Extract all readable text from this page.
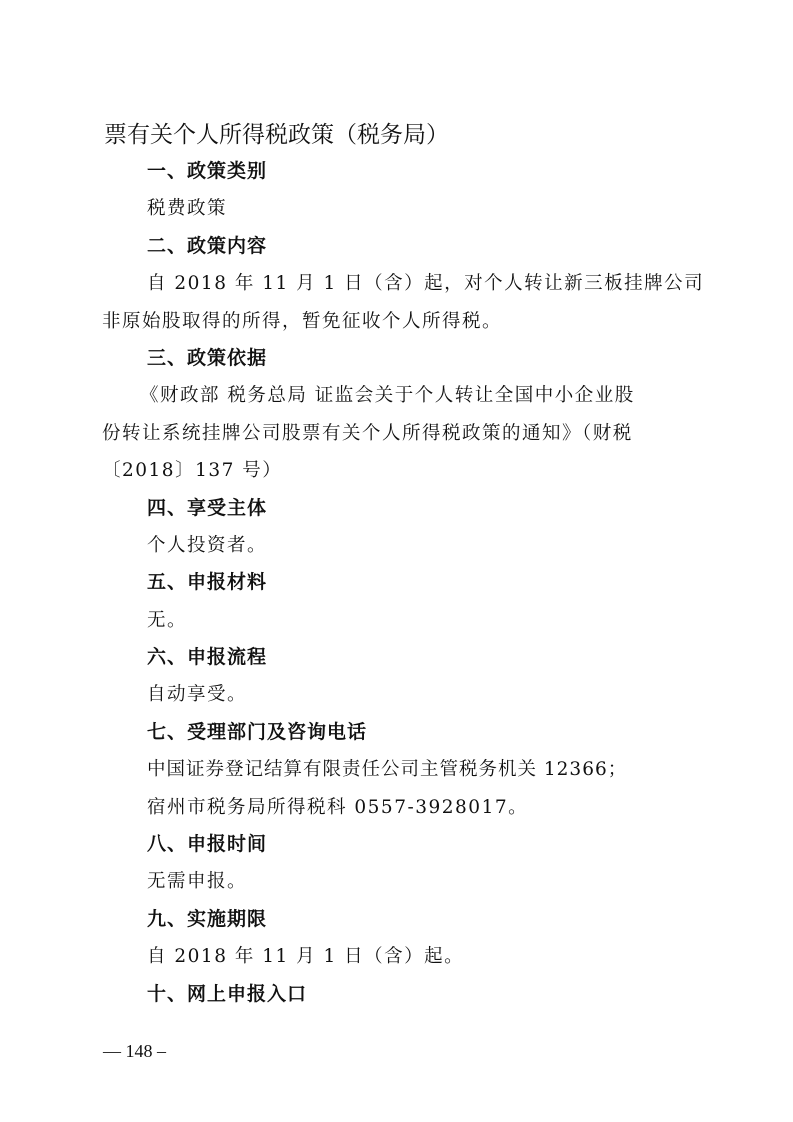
票有关个人所得税政策（税务局）
一、政策类别
税费政策
二、政策内容
自 2018 年 11 月 1 日（含）起，对个人转让新三板挂牌公司
非原始股取得的所得，暂免征收个人所得税。
三、政策依据
《财政部 税务总局 证监会关于个人转让全国中小企业股
份转让系统挂牌公司股票有关个人所得税政策的通知》（财税
〔2018〕137 号）
四、享受主体
个人投资者。
五、申报材料
无。
六、申报流程
自动享受。
七、受理部门及咨询电话
中国证券登记结算有限责任公司主管税务机关 12366；
宿州市税务局所得税科 0557-3928017。
八、申报时间
无需申报。
九、实施期限
自 2018 年 11 月 1 日（含）起。
十、网上申报入口
— 148 –
